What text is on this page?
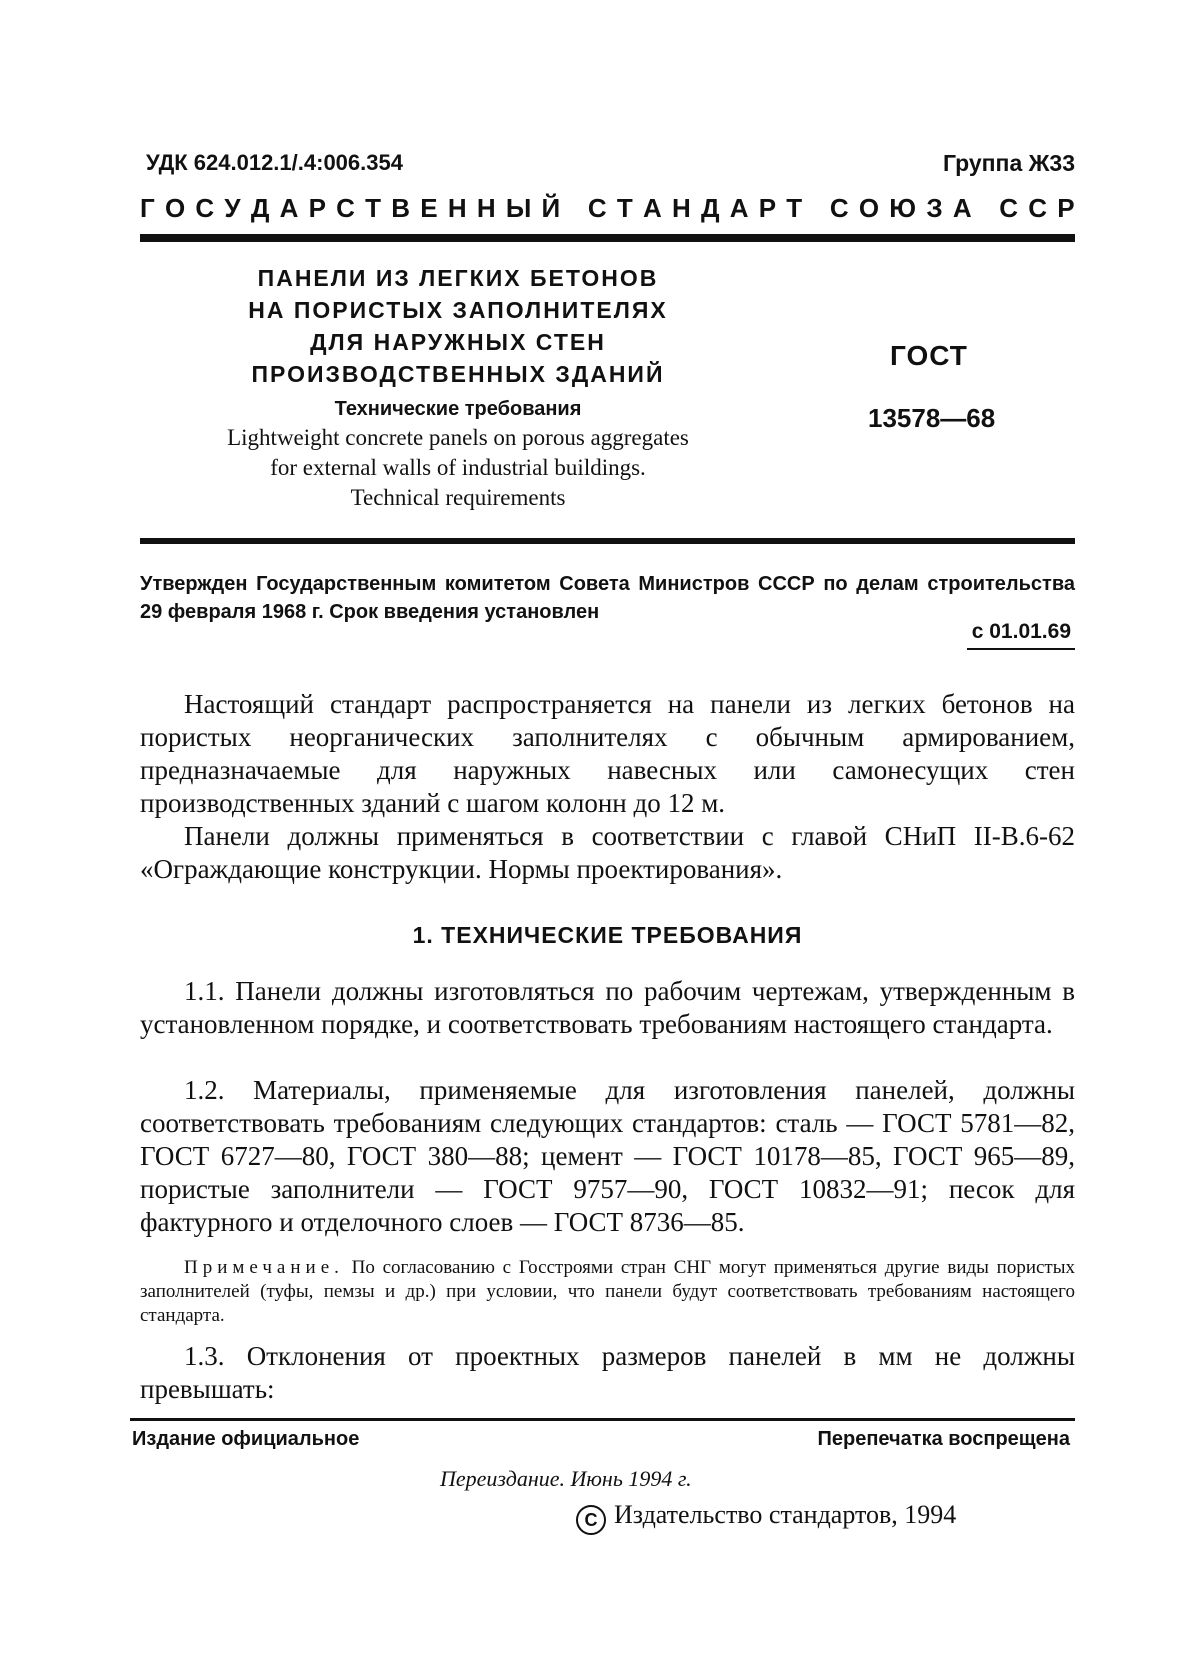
УДК 624.012.1/.4:006.354	Группа Ж33
Г О С У Д А Р С Т В Е Н Н Ы Й
С Т А Н Д А Р Т
С О Ю З А
С С Р
ПАНЕЛИ ИЗ ЛЕГКИХ БЕТОНОВ
НА ПОРИСТЫХ ЗАПОЛНИТЕЛЯХ
ДЛЯ НАРУЖНЫХ СТЕН
ПРОИЗВОДСТВЕННЫХ ЗДАНИЙ
Технические требования
Lightweight concrete panels on porous aggregates
for external walls of industrial buildings.
Technical requirements
ГОСТ
13578—68
Утвержден Государственным комитетом Совета Министров СССР по делам строительства 29 февраля 1968 г. Срок введения установлен
с 01.01.69
Настоящий стандарт распространяется на панели из легких бетонов на пористых неорганических заполнителях с обычным армированием, предназначаемые для наружных навесных или самонесущих стен производственных зданий с шагом колонн до 12 м.
Панели должны применяться в соответствии с главой СНиП II-В.6-62 «Ограждающие конструкции. Нормы проектирования».
1. ТЕХНИЧЕСКИЕ ТРЕБОВАНИЯ
1.1. Панели должны изготовляться по рабочим чертежам, утвержденным в установленном порядке, и соответствовать требованиям настоящего стандарта.
1.2. Материалы, применяемые для изготовления панелей, должны соответствовать требованиям следующих стандартов: сталь — ГОСТ 5781—82, ГОСТ 6727—80, ГОСТ 380—88; цемент — ГОСТ 10178—85, ГОСТ 965—89, пористые заполнители — ГОСТ 9757—90, ГОСТ 10832—91; песок для фактурного и отделочного слоев — ГОСТ 8736—85.
Примечание. По согласованию с Госстроями стран СНГ могут применяться другие виды пористых заполнителей (туфы, пемзы и др.) при условии, что панели будут соответствовать требованиям настоящего стандарта.
1.3. Отклонения от проектных размеров панелей в мм не должны превышать:
Издание официальное	Перепечатка воспрещена
Переиздание. Июнь 1994 г.
С Издательство стандартов, 1994
